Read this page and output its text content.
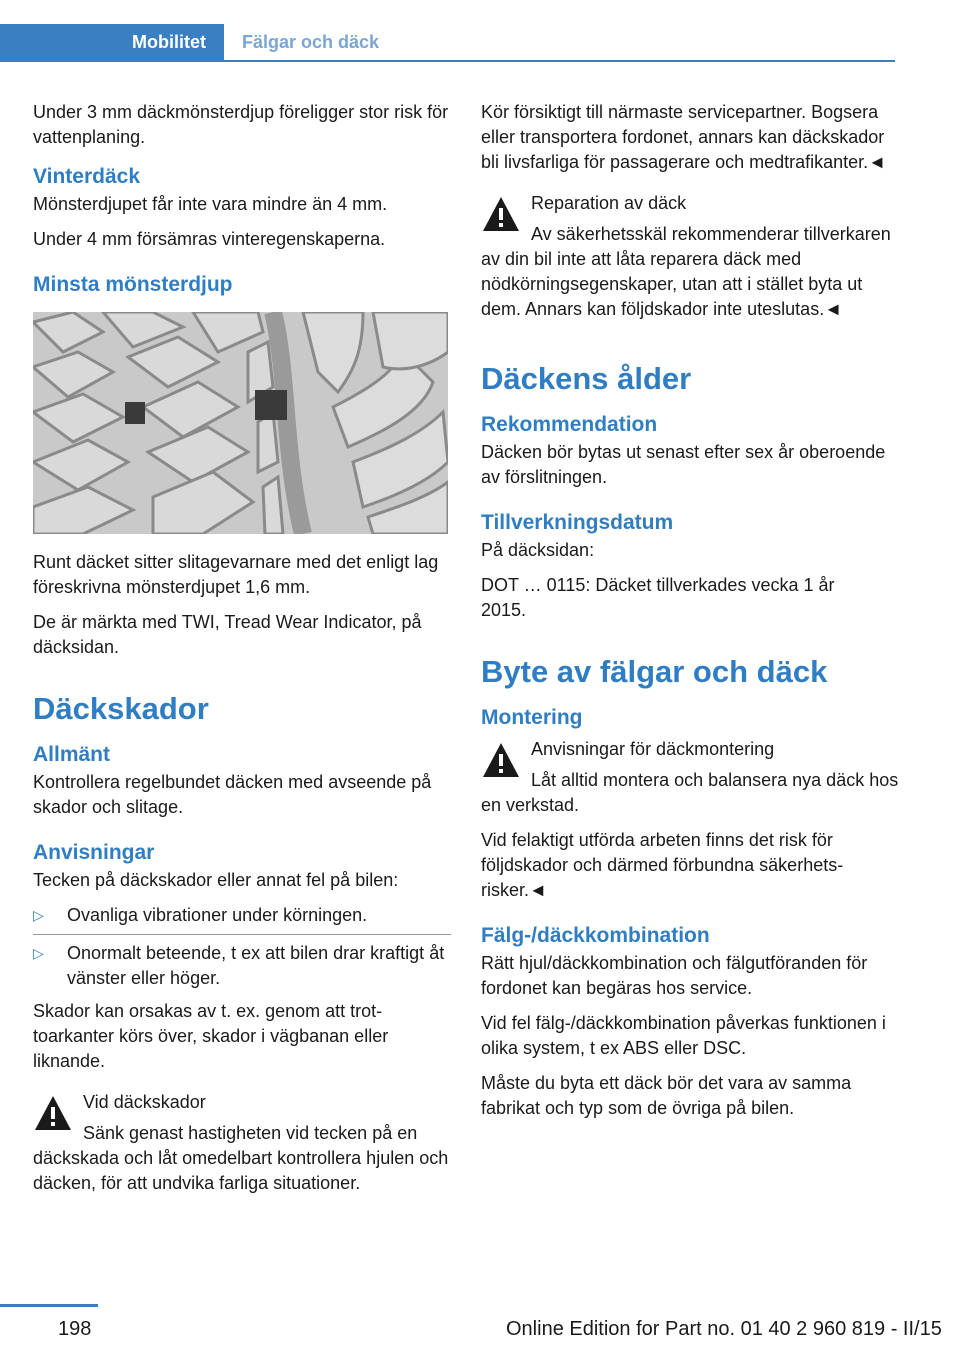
Mobilitet Fälgar och däck

Under 3 mm däckmönsterdjup föreligger stor risk för vattenplaning.

Vinterdäck

Mönsterdjupet får inte vara mindre än 4 mm.

Under 4 mm försämras vinteregenskaperna.

Minsta mönsterdjup

Runt däcket sitter slitagevarnare med det enligt lag föreskrivna mönsterdjupet 1,6 mm.

De är märkta med TWI, Tread Wear Indicator, på däcksidan.

Däckskador
Allmänt

Kontrollera regelbundet däcken med avseende på skador och slitage.

Anvisningar

Tecken på däckskador eller annat fel på bilen:

▷ Ovanliga vibrationer under körningen.
▷ Onormalt beteende, t ex att bilen drar kraftigt åt vänster eller höger.

Skador kan orsakas av t. ex. genom att trottoarkanter körs över, skador i vägbanan eller liknande.

Vid däckskador
Sänk genast hastigheten vid tecken på en däckskada och låt omedelbart kontrollera hjulen och däcken, för att undvika farliga situationer.

Kör försiktigt till närmaste servicepartner. Bogsera eller transportera fordonet, annars kan däckskador bli livsfarliga för passagerare och medtrafikanter.◄

Reparation av däck
Av säkerhetsskäl rekommenderar tillverkaren av din bil inte att låta reparera däck med nödkörningsegenskaper, utan att i stället byta ut dem. Annars kan följdskador inte uteslutas.◄
Däckens ålder
Rekommendation

Däcken bör bytas ut senast efter sex år oberoende av förslitningen.

Tillverkningsdatum

På däcksidan:

DOT … 0115: Däcket tillverkades vecka 1 år 2015.

Byte av fälgar och däck
Montering
Anvisningar för däckmontering
Låt alltid montera och balansera nya däck hos en verkstad.

Vid felaktigt utförda arbeten finns det risk för följdskador och därmed förbundna säkerhetsrisker.◄

Fälg-/däckkombination

Rätt hjul/däckkombination och fälgutföranden för fordonet kan begäras hos service.

Vid fel fälg-/däckkombination påverkas funktionen i olika system, t ex ABS eller DSC.

Måste du byta ett däck bör det vara av samma fabrikat och typ som de övriga på bilen.

198	Online Edition for Part no. 01 40 2 960 819 - II/15
